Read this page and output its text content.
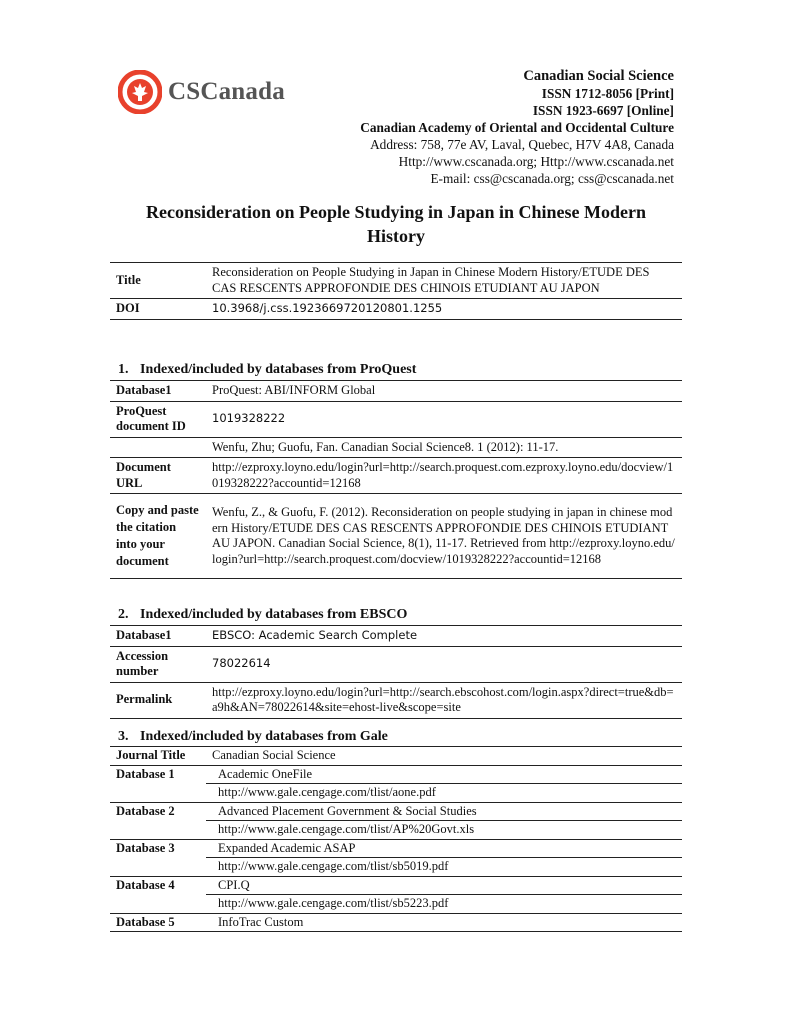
CSCanada
Canadian Social Science
ISSN 1712-8056 [Print]
ISSN 1923-6697 [Online]
Canadian Academy of Oriental and Occidental Culture
Address: 758, 77e AV, Laval, Quebec, H7V 4A8, Canada
Http://www.cscanada.org; Http://www.cscanada.net
E-mail: css@cscanada.org; css@cscanada.net
Reconsideration on People Studying in Japan in Chinese Modern
History
Title	Reconsideration on People Studying in Japan in Chinese Modern History/ETUDE DES CAS RESCENTS APPROFONDIE DES CHINOIS ETUDIANT AU JAPON
DOI	10.3968/j.css.1923669720120801.1255
1. Indexed/included by databases from ProQuest
Database1	ProQuest: ABI/INFORM Global
ProQuest document ID	1019328222
	Wenfu, Zhu; Guofu, Fan. Canadian Social Science8. 1 (2012): 11-17.
Document URL	http://ezproxy.loyno.edu/login?url=http://search.proquest.com.ezproxy.loyno.edu/docview/1019328222?accountid=12168
Copy and paste the citation into your document	Wenfu, Z., & Guofu, F. (2012). Reconsideration on people studying in japan in chinese modern History/ETUDE DES CAS RESCENTS APPROFONDIE DES CHINOIS ETUDIANT AU JAPON. Canadian Social Science, 8(1), 11-17. Retrieved from http://ezproxy.loyno.edu/login?url=http://search.proquest.com/docview/1019328222?accountid=12168
2. Indexed/included by databases from EBSCO
Database1	EBSCO: Academic Search Complete
Accession number	78022614
Permalink	http://ezproxy.loyno.edu/login?url=http://search.ebscohost.com/login.aspx?direct=true&db=a9h&AN=78022614&site=ehost-live&scope=site
3. Indexed/included by databases from Gale
Journal Title	Canadian Social Science
Database 1	Academic OneFile
	http://www.gale.cengage.com/tlist/aone.pdf
Database 2	Advanced Placement Government & Social Studies
	http://www.gale.cengage.com/tlist/AP%20Govt.xls
Database 3	Expanded Academic ASAP
	http://www.gale.cengage.com/tlist/sb5019.pdf
Database 4	CPI.Q
	http://www.gale.cengage.com/tlist/sb5223.pdf
Database 5	InfoTrac Custom
